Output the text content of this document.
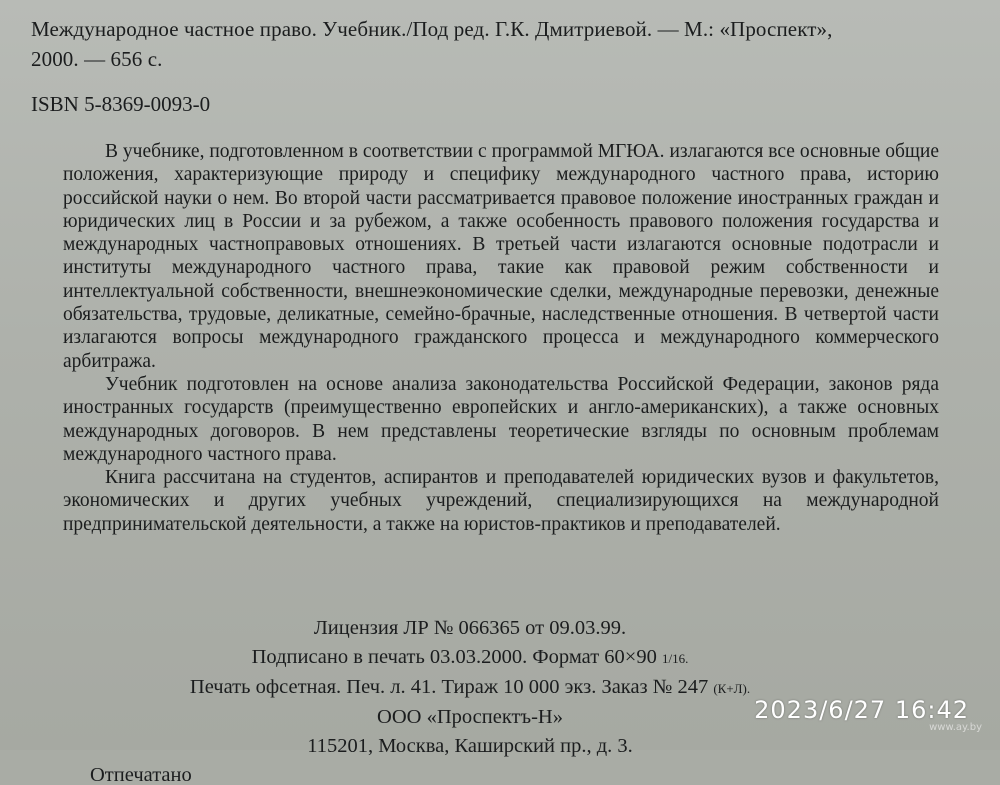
Международное частное право. Учебник./Под ред. Г.К. Дмитриевой. — М.: «Проспект»,
2000. — 656 с.
ISBN 5-8369-0093-0

В учебнике, подготовленном в соответствии с программой МГЮА. излагаются все основные общие положения, характеризующие природу и специфику международного частного права, историю российской науки о нем. Во второй части рассматривается правовое положение иностранных граждан и юридических лиц в России и за рубежом, а также особенность правового положения государства и международных частноправовых отношениях. В третьей части излагаются основные подотрасли и институты международного частного права, такие как правовой режим собственности и интеллектуальной собственности, внешнеэкономические сделки, международные перевозки, денежные обязательства, трудовые, деликатные, семейно-брачные, наследственные отношения. В четвертой части излагаются вопросы международного гражданского процесса и международного коммерческого арбитража.

Учебник подготовлен на основе анализа законодательства Российской Федерации, законов ряда иностранных государств (преимущественно европейских и англо-американских), а также основных международных договоров. В нем представлены теоретические взгляды по основным проблемам международного частного права.

Книга рассчитана на студентов, аспирантов и преподавателей юридических вузов и факультетов, экономических и других учебных учреждений, специализирующихся на международной предпринимательской деятельности, а также на юристов-практиков и преподавателей.

Лицензия ЛР № 066365 от 09.03.99.
Подписано в печать 03.03.2000. Формат 60×90 1/16.
Печать офсетная. Печ. л. 41. Тираж 10 000 экз. Заказ № 247 (К+Л).
ООО «Проспектъ-Н»
115201, Москва, Каширский пр., д. 3.
Отпечатано
www.ay.by
2023/6/27 16:42
